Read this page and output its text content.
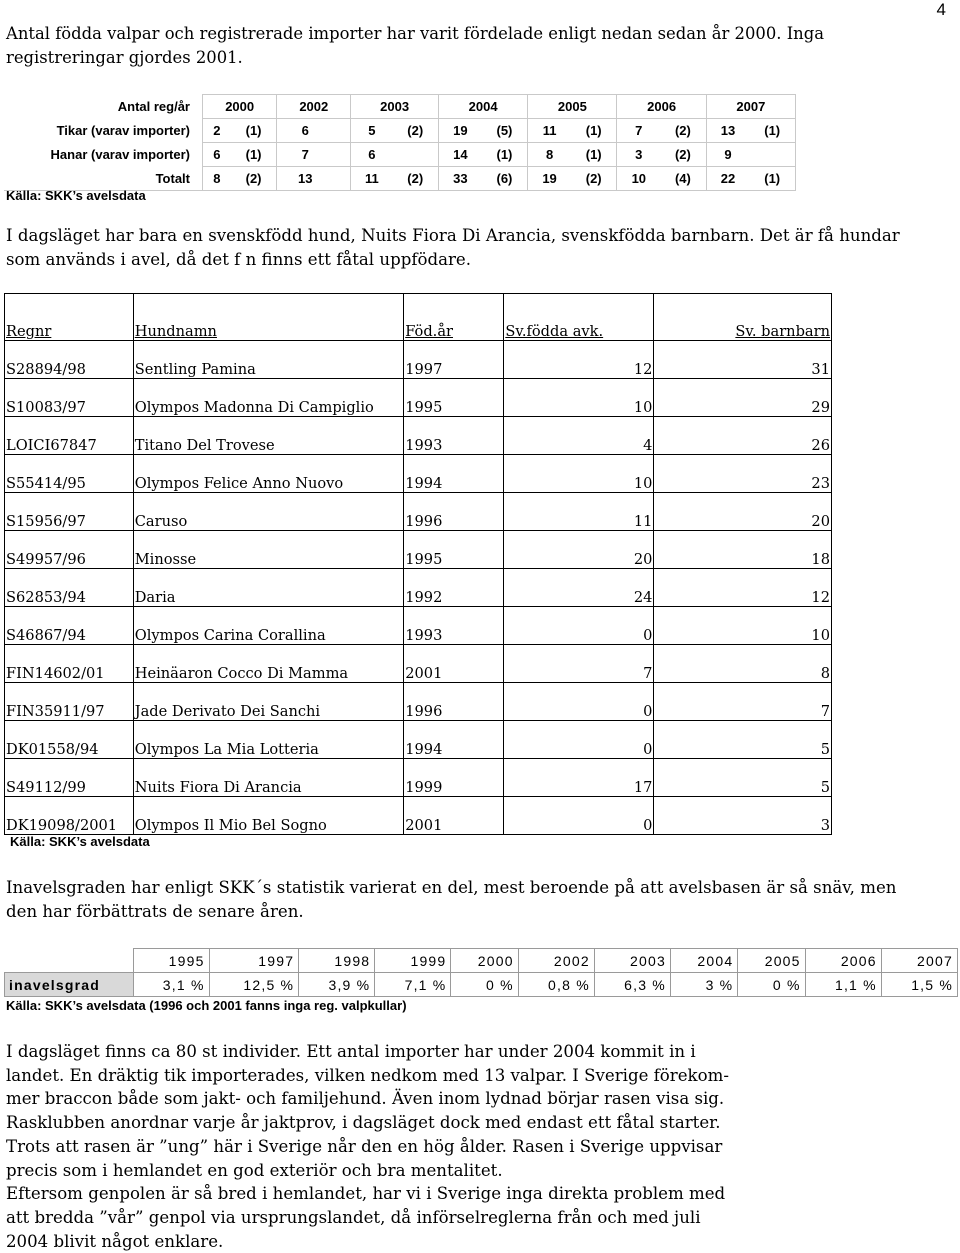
4

Antal födda valpar och registrerade importer har varit fördelade enligt nedan sedan år 2000. Inga registreringar gjordes 2001.

Antal reg/år	2000		2002		2003		2004		2005		2006		2007	
Tikar (varav importer)	2	(1)	6		5	(2)	19	(5)	11	(1)	7	(2)	13	(1)
Hanar (varav importer)	6	(1)	7		6		14	(1)	8	(1)	3	(2)	9	
Totalt	8	(2)	13		11	(2)	33	(6)	19	(2)	10	(4)	22	(1)
Källa: SKK’s avelsdata

I dagsläget har bara en svenskfödd hund, Nuits Fiora Di Arancia, svenskfödda barnbarn. Det är få hundar som används i avel, då det f n finns ett fåtal uppfödare.

Regnr	Hundnamn	Föd.år	Sv.födda avk.	Sv. barnbarn
S28894/98	Sentling Pamina	1997	12	31
S10083/97	Olympos Madonna Di Campiglio	1995	10	29
LOICI67847	Titano Del Trovese	1993	4	26
S55414/95	Olympos Felice Anno Nuovo	1994	10	23
S15956/97	Caruso	1996	11	20
S49957/96	Minosse	1995	20	18
S62853/94	Daria	1992	24	12
S46867/94	Olympos Carina Corallina	1993	0	10
FIN14602/01	Heinäaron Cocco Di Mamma	2001	7	8
FIN35911/97	Jade Derivato Dei Sanchi	1996	0	7
DK01558/94	Olympos La Mia Lotteria	1994	0	5
S49112/99	Nuits Fiora Di Arancia	1999	17	5
DK19098/2001	Olympos Il Mio Bel Sogno	2001	0	3
Källa: SKK’s avelsdata

Inavelsgraden har enligt SKK´s statistik varierat en del, mest beroende på att avelsbasen är så snäv, men den har förbättrats de senare åren.

	1995	1997	1998	1999	2000	2002	2003	2004	2005	2006	2007
inavelsgrad	3,1 %	12,5 %	3,9 %	7,1 %	0 %	0,8 %	6,3 %	3 %	0 %	1,1 %	1,5 %
Källa: SKK’s avelsdata (1996 och 2001 fanns inga reg. valpkullar)
I dagsläget finns ca 80 st individer. Ett antal importer har under 2004 kommit in i
landet. En dräktig tik importerades, vilken nedkom med 13 valpar. I Sverige förekom-
mer braccon både som jakt- och familjehund. Även inom lydnad börjar rasen visa sig.
Rasklubben anordnar varje år jaktprov, i dagsläget dock med endast ett fåtal starter.
Trots att rasen är ”ung” här i Sverige når den en hög ålder. Rasen i Sverige uppvisar
precis som i hemlandet en god exteriör och bra mentalitet.
Eftersom genpolen är så bred i hemlandet, har vi i Sverige inga direkta problem med
att bredda ”vår” genpol via ursprungslandet, då införselreglerna från och med juli
2004 blivit något enklare.
